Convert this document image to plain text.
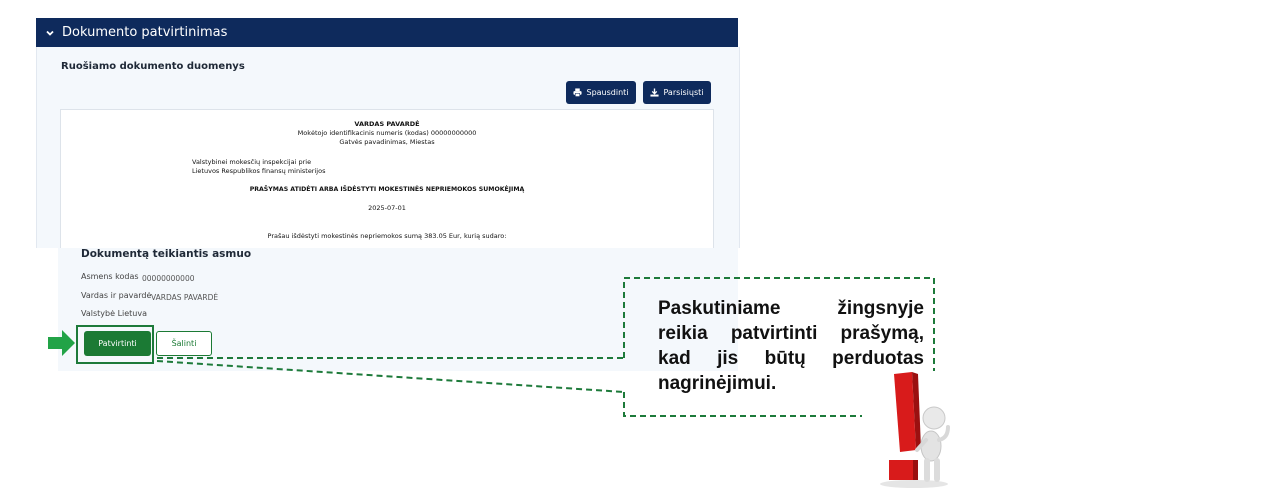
Dokumento patvirtinimas
Ruošiamo dokumento duomenys
Spausdinti	Parsisiųsti
VARDAS PAVARDĖ
Mokėtojo identifikacinis numeris (kodas) 00000000000
Gatvės pavadinimas, Miestas
Valstybinei mokesčių inspekcijai prie
Lietuvos Respublikos finansų ministerijos
PRAŠYMAS ATIDĖTI ARBA IŠDĖSTYTI MOKESTINĖS NEPRIEMOKOS SUMOKĖJIMĄ
2025-07-01
Prašau išdėstyti mokestinės nepriemokos sumą 383.05 Eur, kurią sudaro:
Dokumentą teikiantis asmuo
Asmens kodas 00000000000
Vardas ir pavardė VARDAS PAVARDĖ
Valstybė Lietuva
Patvirtinti	Šalinti
Paskutiniame žingsnyje reikia patvirtinti prašymą, kad jis būtų perduotas nagrinėjimui.
